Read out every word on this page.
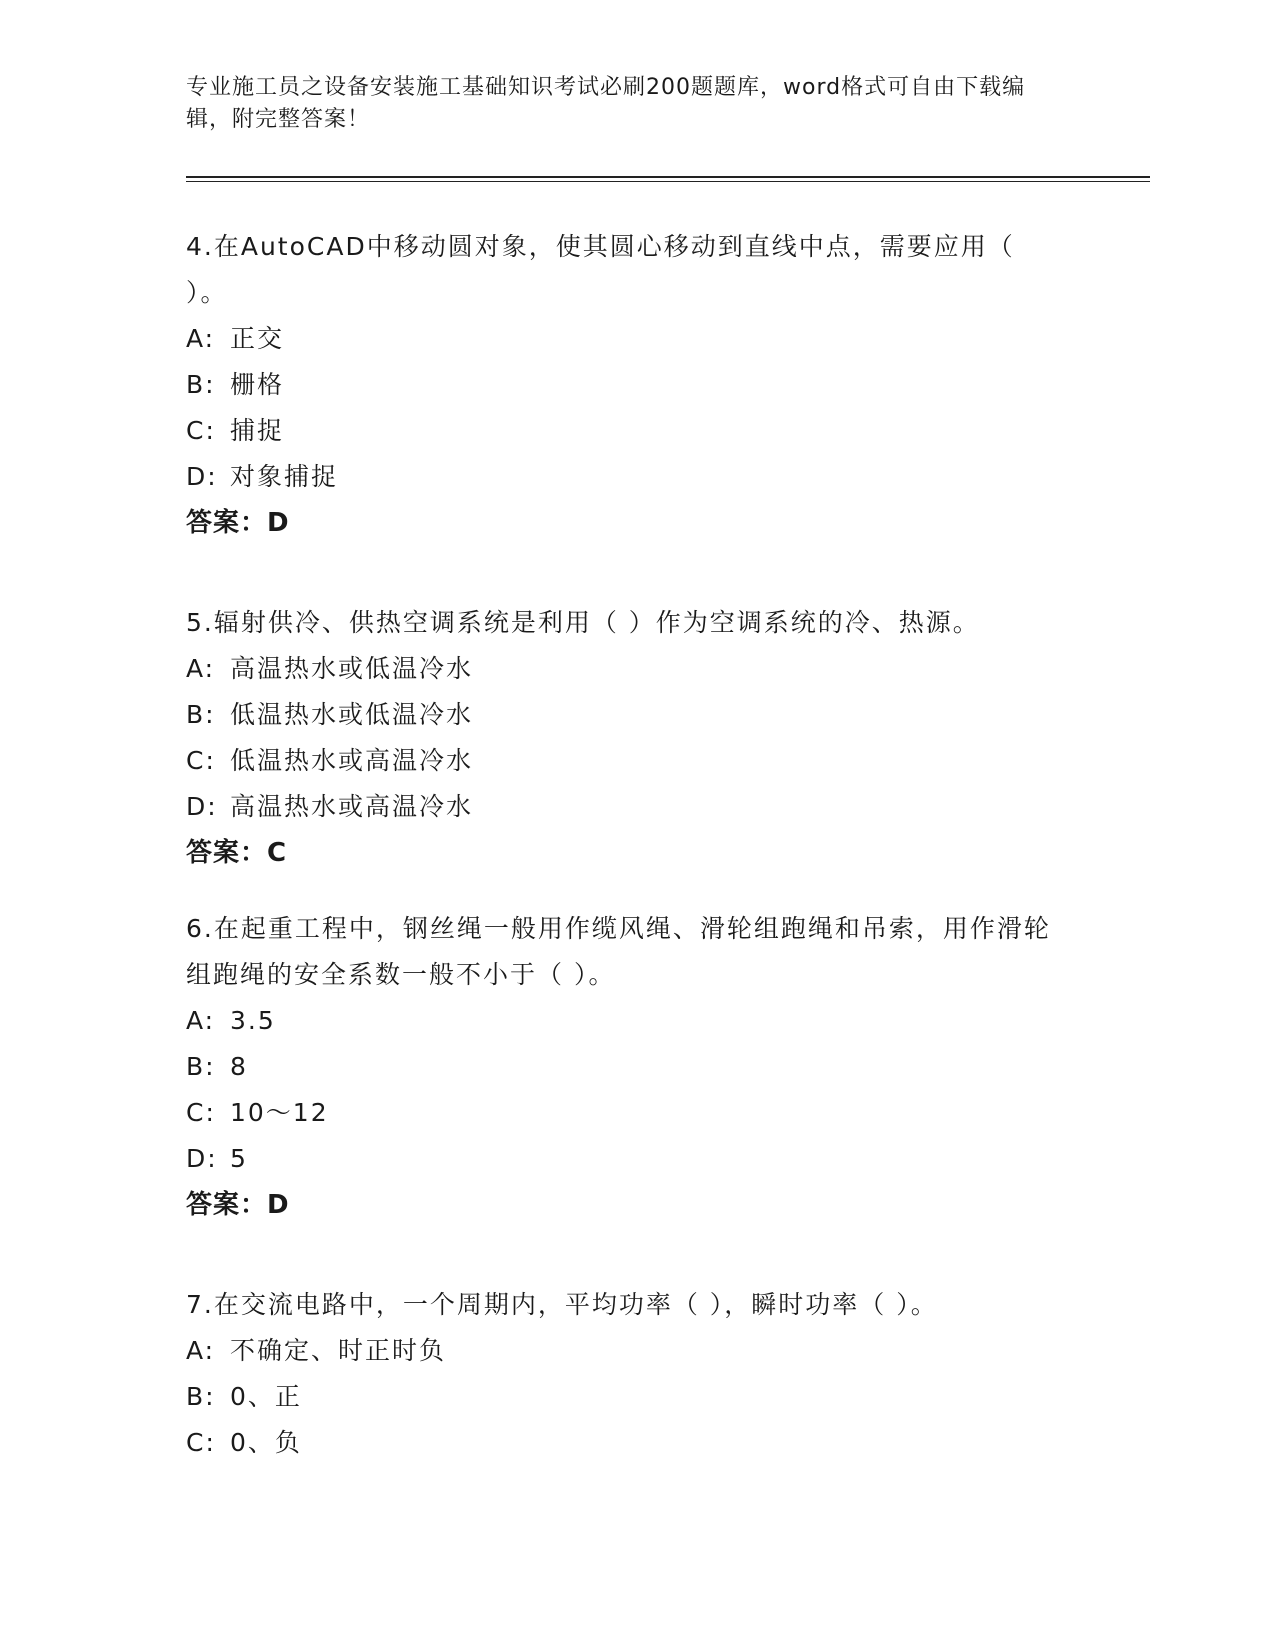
专业施工员之设备安装施工基础知识考试必刷200题题库，word格式可自由下载编辑，附完整答案！
4.在AutoCAD中移动圆对象，使其圆心移动到直线中点，需要应用（ ）。
A: 正交
B: 栅格
C: 捕捉
D: 对象捕捉
答案：D
5.辐射供冷、供热空调系统是利用（ ）作为空调系统的冷、热源。
A: 高温热水或低温冷水
B: 低温热水或低温冷水
C: 低温热水或高温冷水
D: 高温热水或高温冷水
答案：C
6.在起重工程中，钢丝绳一般用作缆风绳、滑轮组跑绳和吊索，用作滑轮组跑绳的安全系数一般不小于（ ）。
A: 3.5
B: 8
C: 10～12
D: 5
答案：D
7.在交流电路中，一个周期内，平均功率（ ），瞬时功率（ ）。
A: 不确定、时正时负
B: 0、正
C: 0、负
